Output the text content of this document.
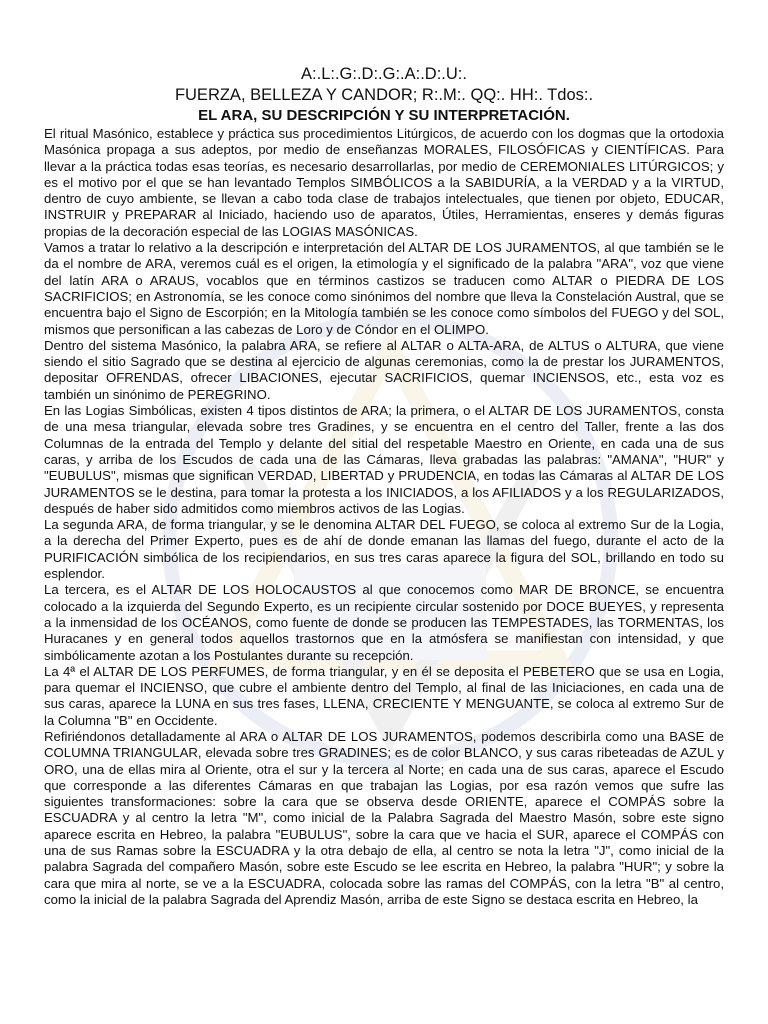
A:.L:.G:.D:.G:.A:.D:.U:.

FUERZA, BELLEZA Y CANDOR; R:.M:. QQ:. HH:. Tdos:.

EL ARA, SU DESCRIPCIÓN Y SU INTERPRETACIÓN.

El ritual Masónico, establece y práctica sus procedimientos Litúrgicos, de acuerdo con los dogmas que la ortodoxia Masónica propaga a sus adeptos, por medio de enseñanzas MORALES, FILOSÓFICAS y CIENTÍFICAS. Para llevar a la práctica todas esas teorías, es necesario desarrollarlas, por medio de CEREMONIALES LITÚRGICOS; y es el motivo por el que se han levantado Templos SIMBÓLICOS a la SABIDURÍA, a la VERDAD y a la VIRTUD, dentro de cuyo ambiente, se llevan a cabo toda clase de trabajos intelectuales, que tienen por objeto, EDUCAR, INSTRUIR y PREPARAR al Iniciado, haciendo uso de aparatos, Útiles, Herramientas, enseres y demás figuras propias de la decoración especial de las LOGIAS MASÓNICAS.

Vamos a tratar lo relativo a la descripción e interpretación del ALTAR DE LOS JURAMENTOS, al que también se le da el nombre de ARA, veremos cuál es el origen, la etimología y el significado de la palabra "ARA", voz que viene del latín ARA o ARAUS, vocablos que en términos castizos se traducen como ALTAR o PIEDRA DE LOS SACRIFICIOS; en Astronomía, se les conoce como sinónimos del nombre que lleva la Constelación Austral, que se encuentra bajo el Signo de Escorpión; en la Mitología también se les conoce como símbolos del FUEGO y del SOL, mismos que personifican a las cabezas de Loro y de Cóndor en el OLIMPO.

Dentro del sistema Masónico, la palabra ARA, se refiere al ALTAR o ALTA-ARA, de ALTUS o ALTURA, que viene siendo el sitio Sagrado que se destina al ejercicio de algunas ceremonias, como la de prestar los JURAMENTOS, depositar OFRENDAS, ofrecer LIBACIONES, ejecutar SACRIFICIOS, quemar INCIENSOS, etc., esta voz es también un sinónimo de PEREGRINO.

En las Logias Simbólicas, existen 4 tipos distintos de ARA; la primera, o el ALTAR DE LOS JURAMENTOS, consta de una mesa triangular, elevada sobre tres Gradines, y se encuentra en el centro del Taller, frente a las dos Columnas de la entrada del Templo y delante del sitial del respetable Maestro en Oriente, en cada una de sus caras, y arriba de los Escudos de cada una de las Cámaras, lleva grabadas las palabras: "AMANA", "HUR" y "EUBULUS", mismas que significan VERDAD, LIBERTAD y PRUDENCIA, en todas las Cámaras al ALTAR DE LOS JURAMENTOS se le destina, para tomar la protesta a los INICIADOS, a los AFILIADOS y a los REGULARIZADOS, después de haber sido admitidos como miembros activos de las Logias.

La segunda ARA, de forma triangular, y se le denomina ALTAR DEL FUEGO, se coloca al extremo Sur de la Logia, a la derecha del Primer Experto, pues es de ahí de donde emanan las llamas del fuego, durante el acto de la PURIFICACIÓN simbólica de los recipiendarios, en sus tres caras aparece la figura del SOL, brillando en todo su esplendor.

La tercera, es el ALTAR DE LOS HOLOCAUSTOS al que conocemos como MAR DE BRONCE, se encuentra colocado a la izquierda del Segundo Experto, es un recipiente circular sostenido por DOCE BUEYES, y representa a la inmensidad de los OCÉANOS, como fuente de donde se producen las TEMPESTADES, las TORMENTAS, los Huracanes y en general todos aquellos trastornos que en la atmósfera se manifiestan con intensidad, y que simbólicamente azotan a los Postulantes durante su recepción.

La 4ª el ALTAR DE LOS PERFUMES, de forma triangular, y en él se deposita el PEBETERO que se usa en Logia, para quemar el INCIENSO, que cubre el ambiente dentro del Templo, al final de las Iniciaciones, en cada una de sus caras, aparece la LUNA en sus tres fases, LLENA, CRECIENTE Y MENGUANTE, se coloca al extremo Sur de la Columna "B" en Occidente.

Refiriéndonos detalladamente al ARA o ALTAR DE LOS JURAMENTOS, podemos describirla como una BASE de COLUMNA TRIANGULAR, elevada sobre tres GRADINES; es de color BLANCO, y sus caras ribeteadas de AZUL y ORO, una de ellas mira al Oriente, otra el sur y la tercera al Norte; en cada una de sus caras, aparece el Escudo que corresponde a las diferentes Cámaras en que trabajan las Logias, por esa razón vemos que sufre las siguientes transformaciones: sobre la cara que se observa desde ORIENTE, aparece el COMPÁS sobre la ESCUADRA y al centro la letra "M", como inicial de la Palabra Sagrada del Maestro Masón, sobre este signo aparece escrita en Hebreo, la palabra "EUBULUS", sobre la cara que ve hacia el SUR, aparece el COMPÁS con una de sus Ramas sobre la ESCUADRA y la otra debajo de ella, al centro se nota la letra "J", como inicial de la palabra Sagrada del compañero Masón, sobre este Escudo se lee escrita en Hebreo, la palabra "HUR"; y sobre la cara que mira al norte, se ve a la ESCUADRA, colocada sobre las ramas del COMPÁS, con la letra "B" al centro, como la inicial de la palabra Sagrada del Aprendiz Masón, arriba de este Signo se destaca escrita en Hebreo, la
